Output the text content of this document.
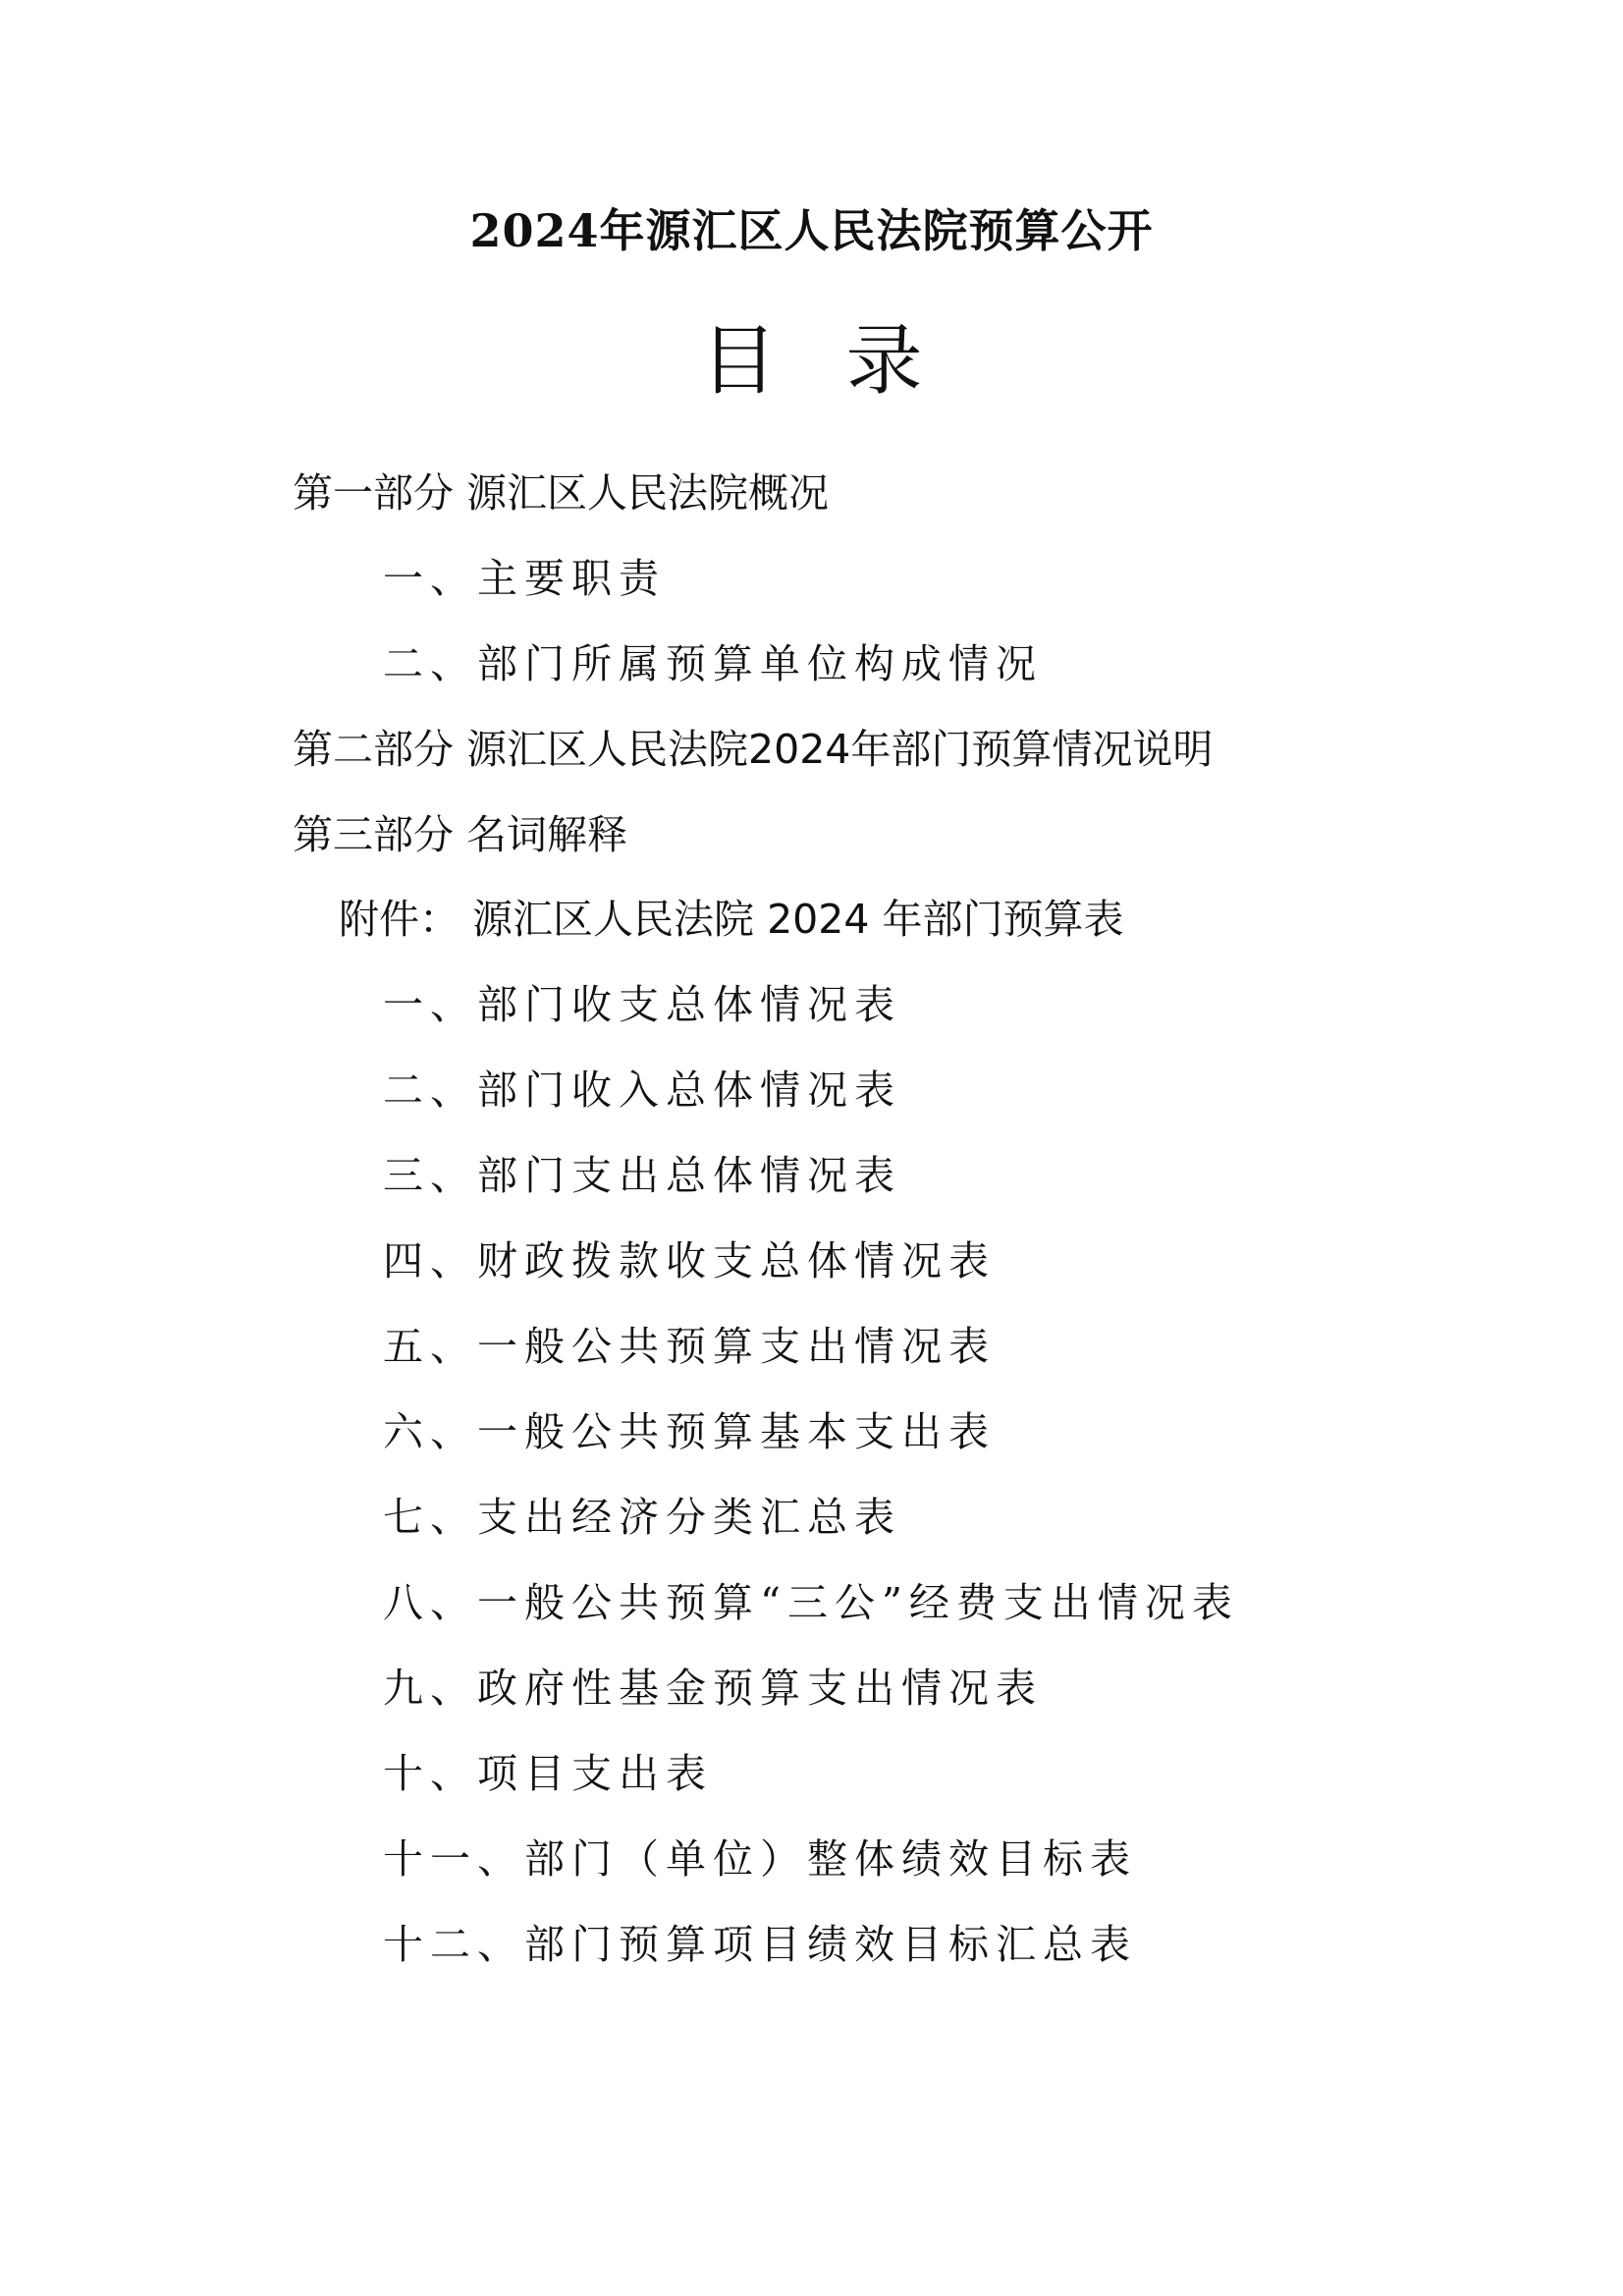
2024年源汇区人民法院预算公开
目 录
第一部分 源汇区人民法院概况
一、主要职责
二、部门所属预算单位构成情况
第二部分 源汇区人民法院2024年部门预算情况说明
第三部分 名词解释
附件： 源汇区人民法院 2024 年部门预算表
一、部门收支总体情况表
二、部门收入总体情况表
三、部门支出总体情况表
四、财政拨款收支总体情况表
五、一般公共预算支出情况表
六、一般公共预算基本支出表
七、支出经济分类汇总表
八、一般公共预算“三公”经费支出情况表
九、政府性基金预算支出情况表
十、项目支出表
十一、部门（单位）整体绩效目标表
十二、部门预算项目绩效目标汇总表
